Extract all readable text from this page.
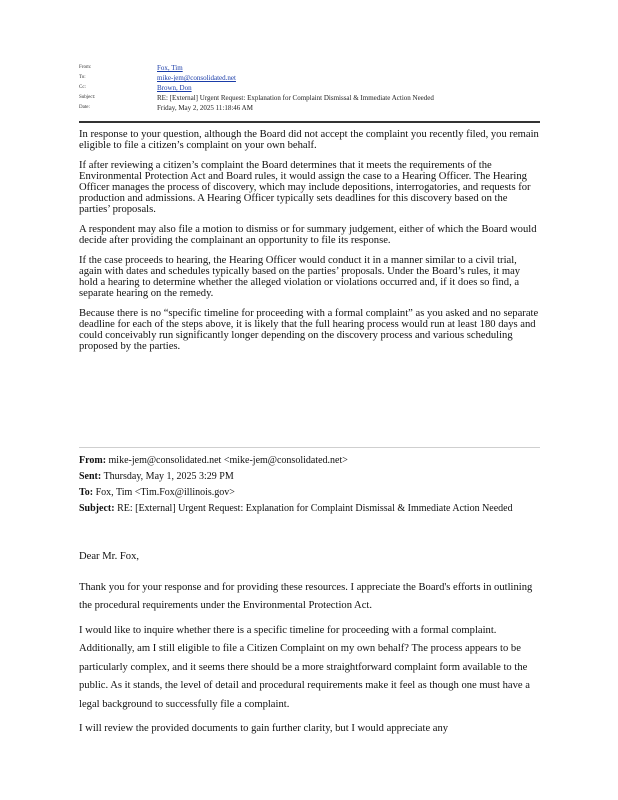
From:	Fox, Tim
To:	mike-jem@consolidated.net
Cc:	Brown, Don
Subject:	RE: [External] Urgent Request: Explanation for Complaint Dismissal & Immediate Action Needed
Date:	Friday, May 2, 2025 11:18:46 AM

In response to your question, although the Board did not accept the complaint you recently filed, you remain eligible to file a citizen’s complaint on your own behalf.

If after reviewing a citizen’s complaint the Board determines that it meets the requirements of the Environmental Protection Act and Board rules, it would assign the case to a Hearing Officer. The Hearing Officer manages the process of discovery, which may include depositions, interrogatories, and requests for production and admissions. A Hearing Officer typically sets deadlines for this discovery based on the parties’ proposals.

A respondent may also file a motion to dismiss or for summary judgement, either of which the Board would decide after providing the complainant an opportunity to file its response.

If the case proceeds to hearing, the Hearing Officer would conduct it in a manner similar to a civil trial, again with dates and schedules typically based on the parties’ proposals. Under the Board’s rules, it may hold a hearing to determine whether the alleged violation or violations occurred and, if it does so find, a separate hearing on the remedy.

Because there is no “specific timeline for proceeding with a formal complaint” as you asked and no separate deadline for each of the steps above, it is likely that the full hearing process would run at least 180 days and could conceivably run significantly longer depending on the discovery process and various scheduling proposed by the parties.

From: mike-jem@consolidated.net <mike-jem@consolidated.net>
Sent: Thursday, May 1, 2025 3:29 PM
To: Fox, Tim <Tim.Fox@illinois.gov>
Subject: RE: [External] Urgent Request: Explanation for Complaint Dismissal & Immediate Action Needed

Dear Mr. Fox,

Thank you for your response and for providing these resources. I appreciate the Board's efforts in outlining the procedural requirements under the Environmental Protection Act.

I would like to inquire whether there is a specific timeline for proceeding with a formal complaint. Additionally, am I still eligible to file a Citizen Complaint on my own behalf? The process appears to be particularly complex, and it seems there should be a more straightforward complaint form available to the public. As it stands, the level of detail and procedural requirements make it feel as though one must have a legal background to successfully file a complaint.

I will review the provided documents to gain further clarity, but I would appreciate any
